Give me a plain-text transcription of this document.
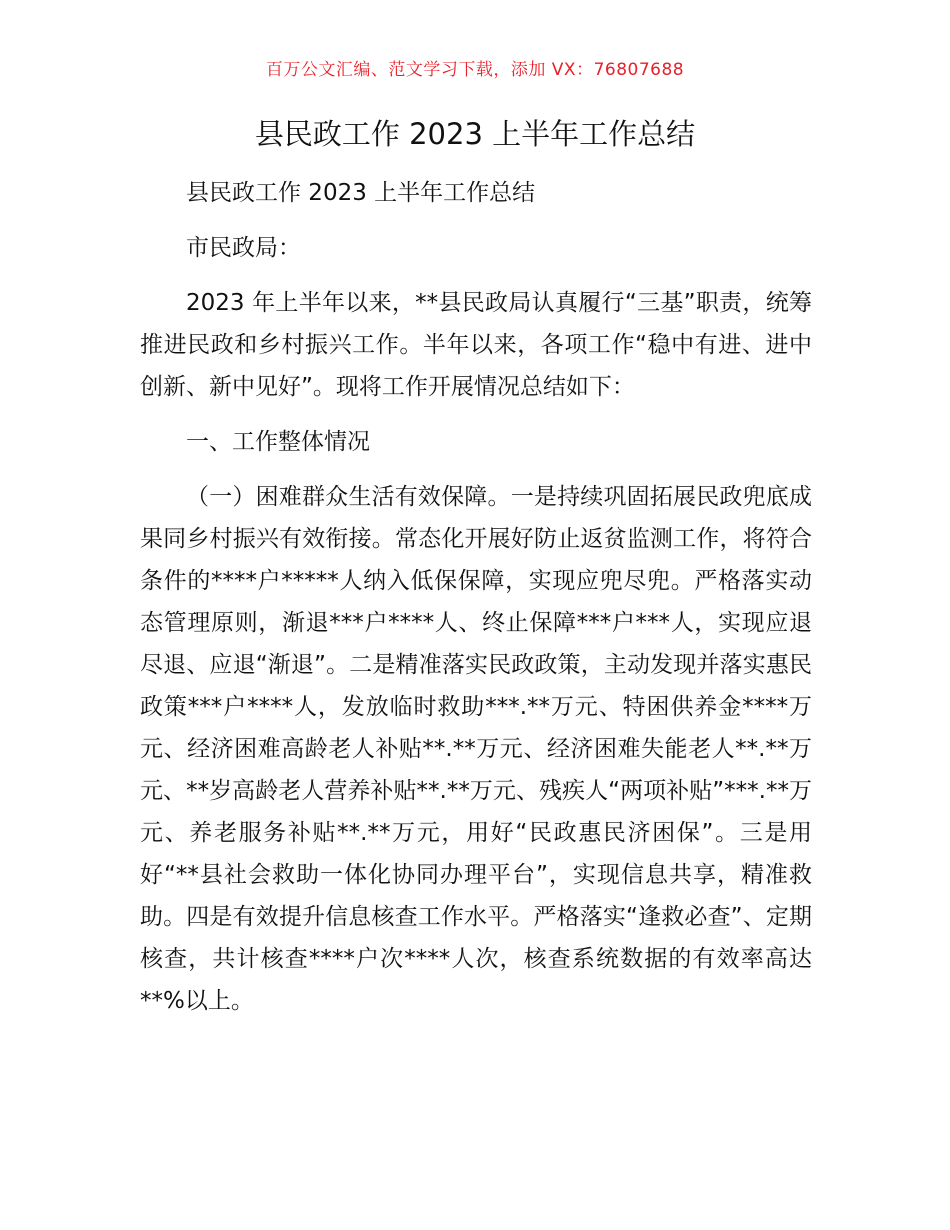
百万公文汇编、范文学习下载，添加 VX：76807688
县民政工作 2023 上半年工作总结

县民政工作 2023 上半年工作总结

市民政局：

2023 年上半年以来，**县民政局认真履行“三基”职责，统筹推进民政和乡村振兴工作。半年以来，各项工作“稳中有进、进中创新、新中见好”。现将工作开展情况总结如下：

一、工作整体情况

（一）困难群众生活有效保障。一是持续巩固拓展民政兜底成果同乡村振兴有效衔接。常态化开展好防止返贫监测工作，将符合条件的****户*****人纳入低保保障，实现应兜尽兜。严格落实动态管理原则，渐退***户****人、终止保障***户***人，实现应退尽退、应退“渐退”。二是精准落实民政政策，主动发现并落实惠民政策***户****人，发放临时救助***.**万元、特困供养金****万元、经济困难高龄老人补贴**.**万元、经济困难失能老人**.**万元、**岁高龄老人营养补贴**.**万元、残疾人“两项补贴”***.**万元、养老服务补贴**.**万元，用好“民政惠民济困保”。三是用好“**县社会救助一体化协同办理平台”，实现信息共享，精准救助。四是有效提升信息核查工作水平。严格落实“逢救必查”、定期核查，共计核查****户次****人次，核查系统数据的有效率高达**%以上。
